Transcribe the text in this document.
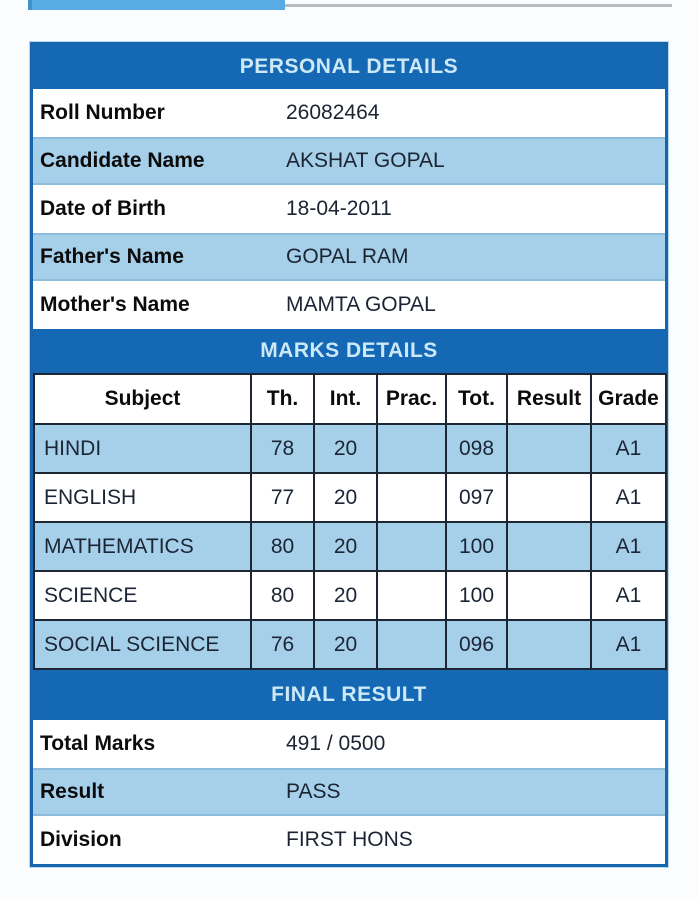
PERSONAL DETAILS
Roll Number	26082464
Candidate Name	AKSHAT GOPAL
Date of Birth	18-04-2011
Father's Name	GOPAL RAM
Mother's Name	MAMTA GOPAL
MARKS DETAILS
Subject	Th.	Int.	Prac.	Tot.	Result	Grade
HINDI	78	20		098		A1
ENGLISH	77	20		097		A1
MATHEMATICS	80	20		100		A1
SCIENCE	80	20		100		A1
SOCIAL SCIENCE	76	20		096		A1
FINAL RESULT
Total Marks	491 / 0500
Result	PASS
Division	FIRST HONS
